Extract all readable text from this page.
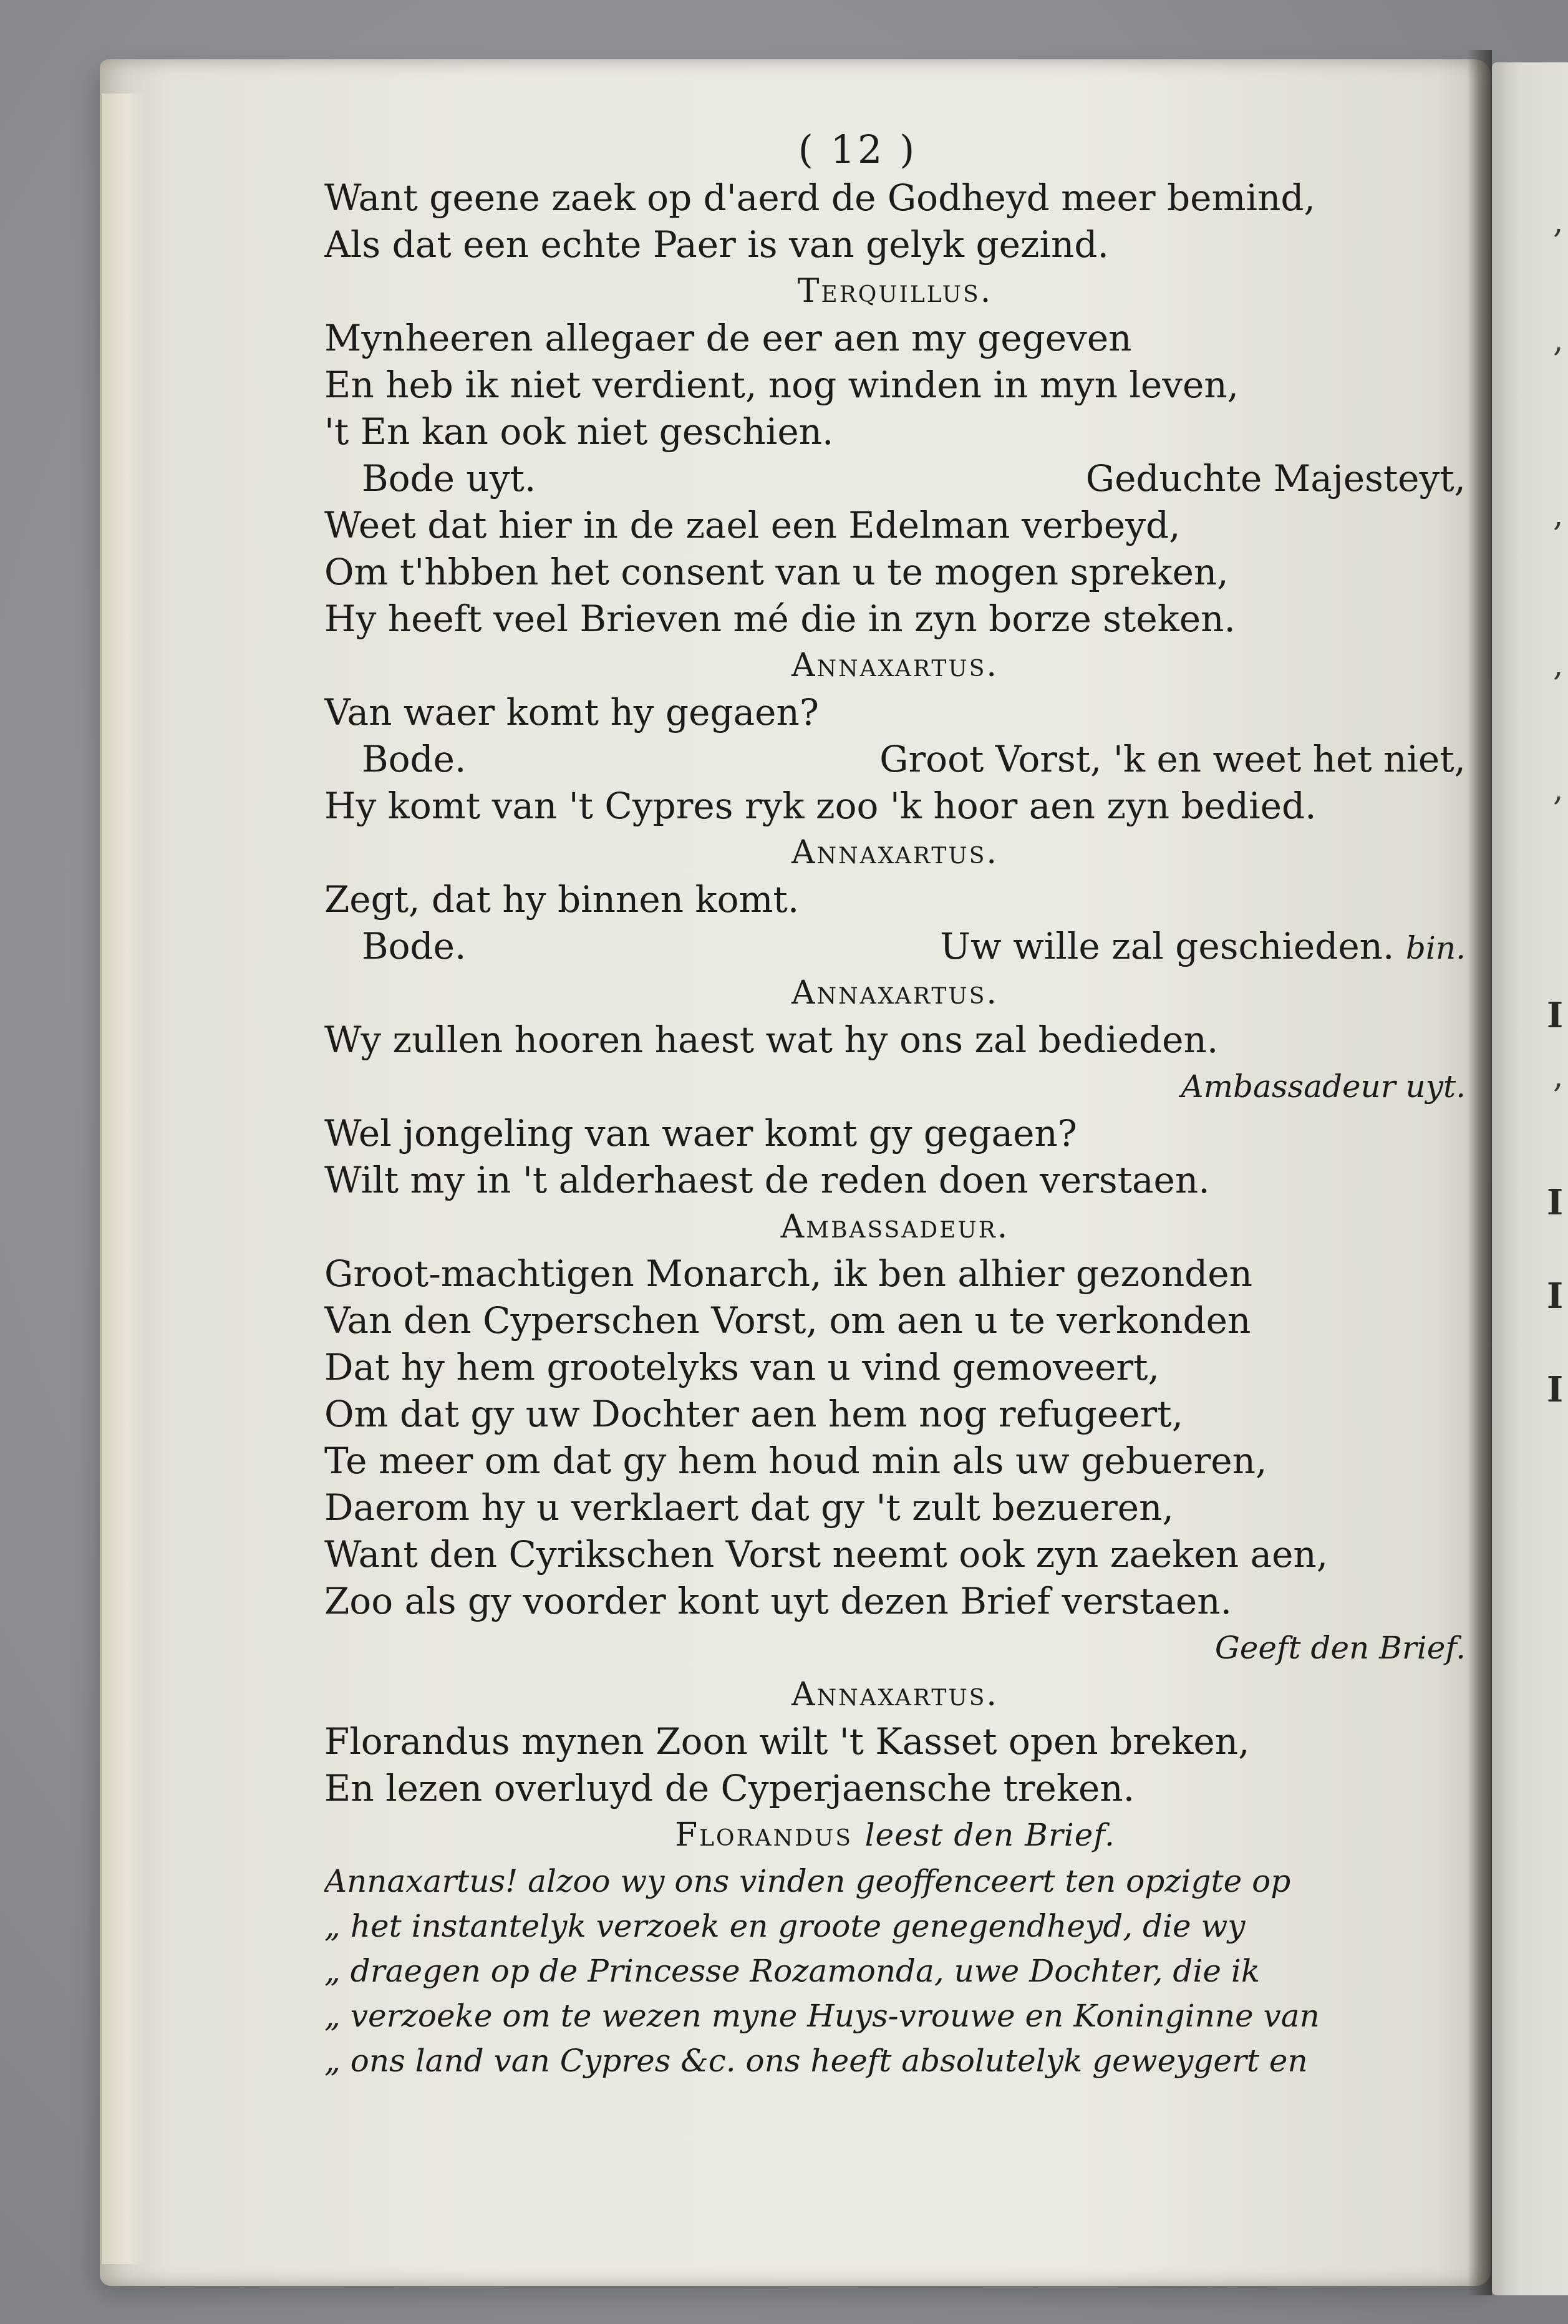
,
,
,
,
,
,
I
I
I
I
( 12 )
Want geene zaek op d'aerd de Godheyd meer bemind,
Als dat een echte Paer is van gelyk gezind.
Terquillus.
Mynheeren allegaer de eer aen my gegeven
En heb ik niet verdient, nog winden in myn leven,
't En kan ook niet geschien.
Bode uyt.	Geduchte Majesteyt,
Weet dat hier in de zael een Edelman verbeyd,
Om t'hbben het consent van u te mogen spreken,
Hy heeft veel Brieven mé die in zyn borze steken.
Annaxartus.
Van waer komt hy gegaen?
Bode.	Groot Vorst, 'k en weet het niet,
Hy komt van 't Cypres ryk zoo 'k hoor aen zyn bedied.
Annaxartus.
Zegt, dat hy binnen komt.
Bode.	Uw wille zal geschieden. bin.
Annaxartus.
Wy zullen hooren haest wat hy ons zal bedieden.
Ambassadeur uyt.
Wel jongeling van waer komt gy gegaen?
Wilt my in 't alderhaest de reden doen verstaen.
Ambassadeur.
Groot-machtigen Monarch, ik ben alhier gezonden
Van den Cyperschen Vorst, om aen u te verkonden
Dat hy hem grootelyks van u vind gemoveert,
Om dat gy uw Dochter aen hem nog refugeert,
Te meer om dat gy hem houd min als uw gebueren,
Daerom hy u verklaert dat gy 't zult bezueren,
Want den Cyrikschen Vorst neemt ook zyn zaeken aen,
Zoo als gy voorder kont uyt dezen Brief verstaen.
Geeft den Brief.
Annaxartus.
Florandus mynen Zoon wilt 't Kasset open breken,
En lezen overluyd de Cyperjaensche treken.
Florandus leest den Brief.
Annaxartus! alzoo wy ons vinden geoffenceert ten opzigte op
„ het instantelyk verzoek en groote genegendheyd, die wy
„ draegen op de Princesse Rozamonda, uwe Dochter, die ik
„ verzoeke om te wezen myne Huys-vrouwe en Koninginne van
„ ons land van Cypres &c. ons heeft absolutelyk geweygert en
